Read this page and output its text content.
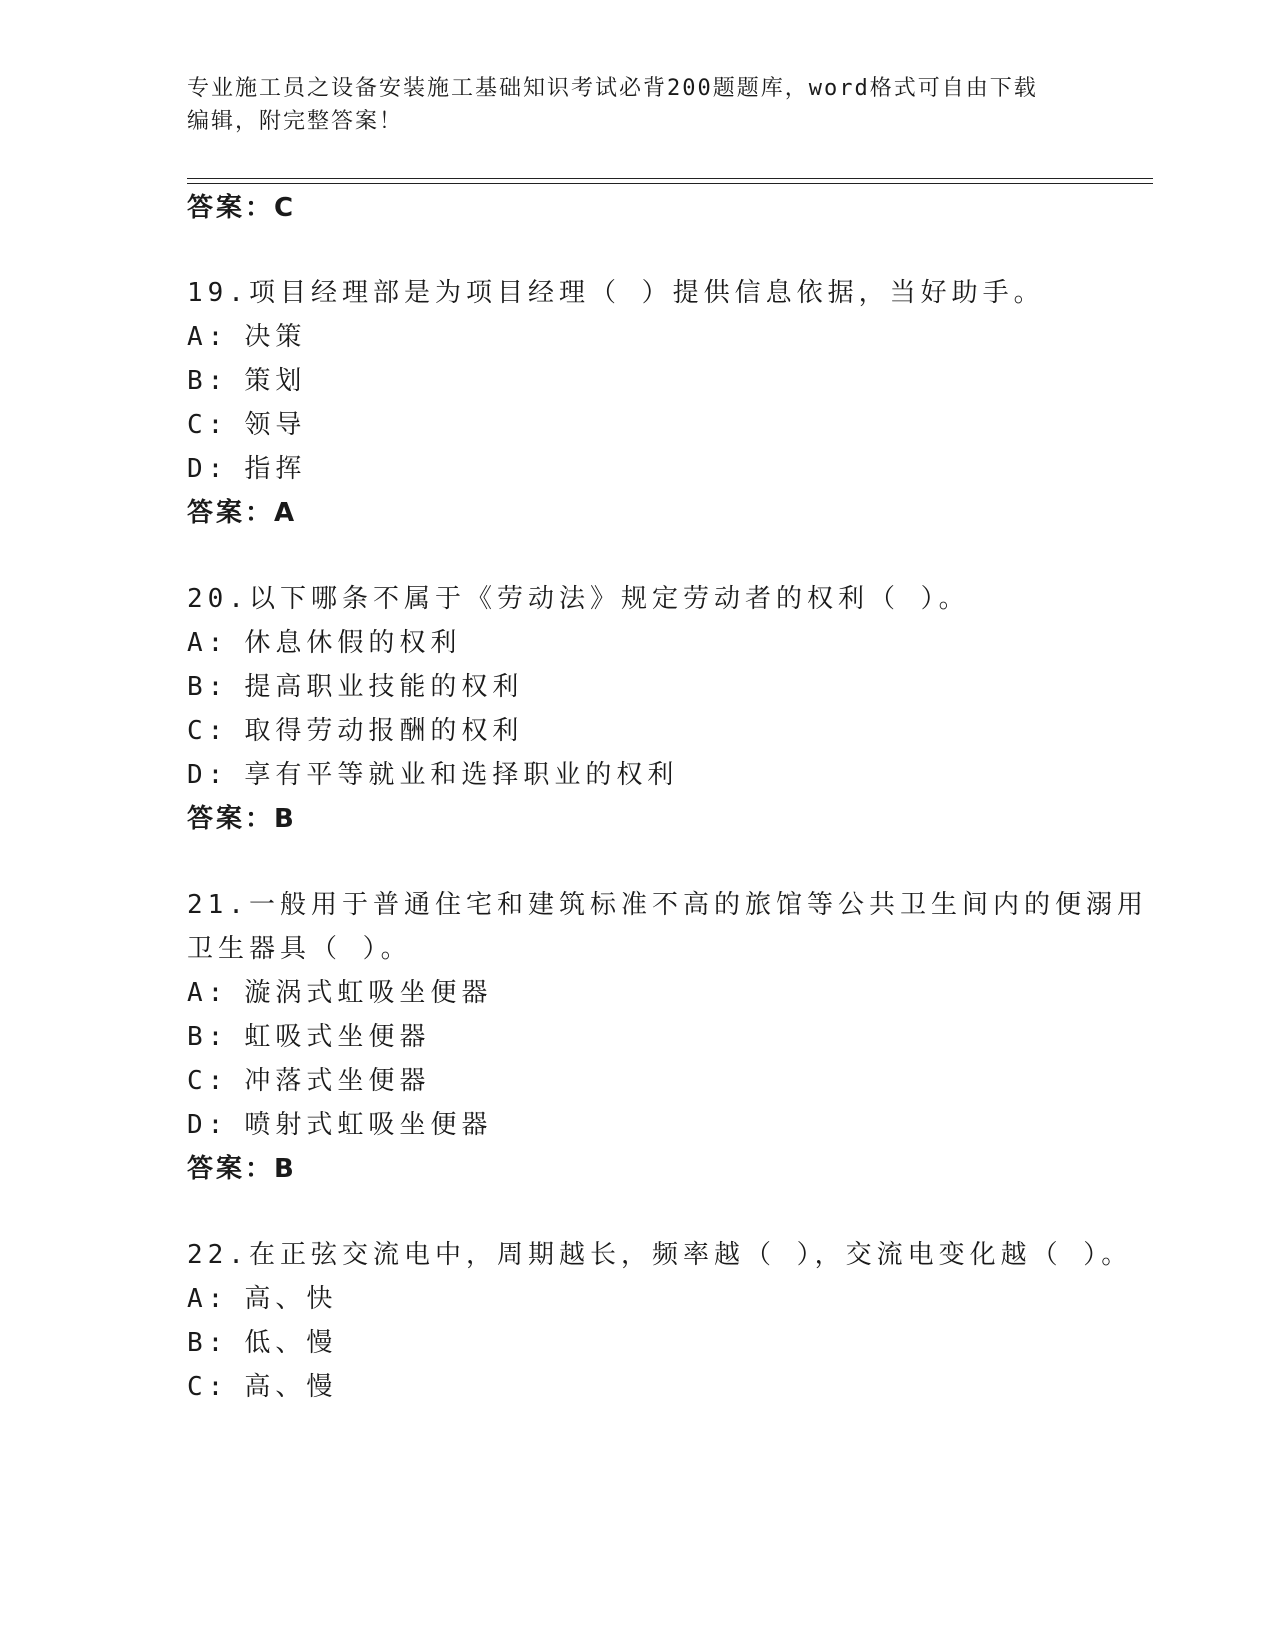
专业施工员之设备安装施工基础知识考试必背200题题库，word格式可自由下载
编辑，附完整答案！
答案：C
19.项目经理部是为项目经理（ ）提供信息依据，当好助手。
A: 决策
B: 策划
C: 领导
D: 指挥
答案：A
20.以下哪条不属于《劳动法》规定劳动者的权利（ ）。
A: 休息休假的权利
B: 提高职业技能的权利
C: 取得劳动报酬的权利
D: 享有平等就业和选择职业的权利
答案：B
21.一般用于普通住宅和建筑标准不高的旅馆等公共卫生间内的便溺用
卫生器具（ ）。
A: 漩涡式虹吸坐便器
B: 虹吸式坐便器
C: 冲落式坐便器
D: 喷射式虹吸坐便器
答案：B
22.在正弦交流电中，周期越长，频率越（ ），交流电变化越（ ）。
A: 高、快
B: 低、慢
C: 高、慢
